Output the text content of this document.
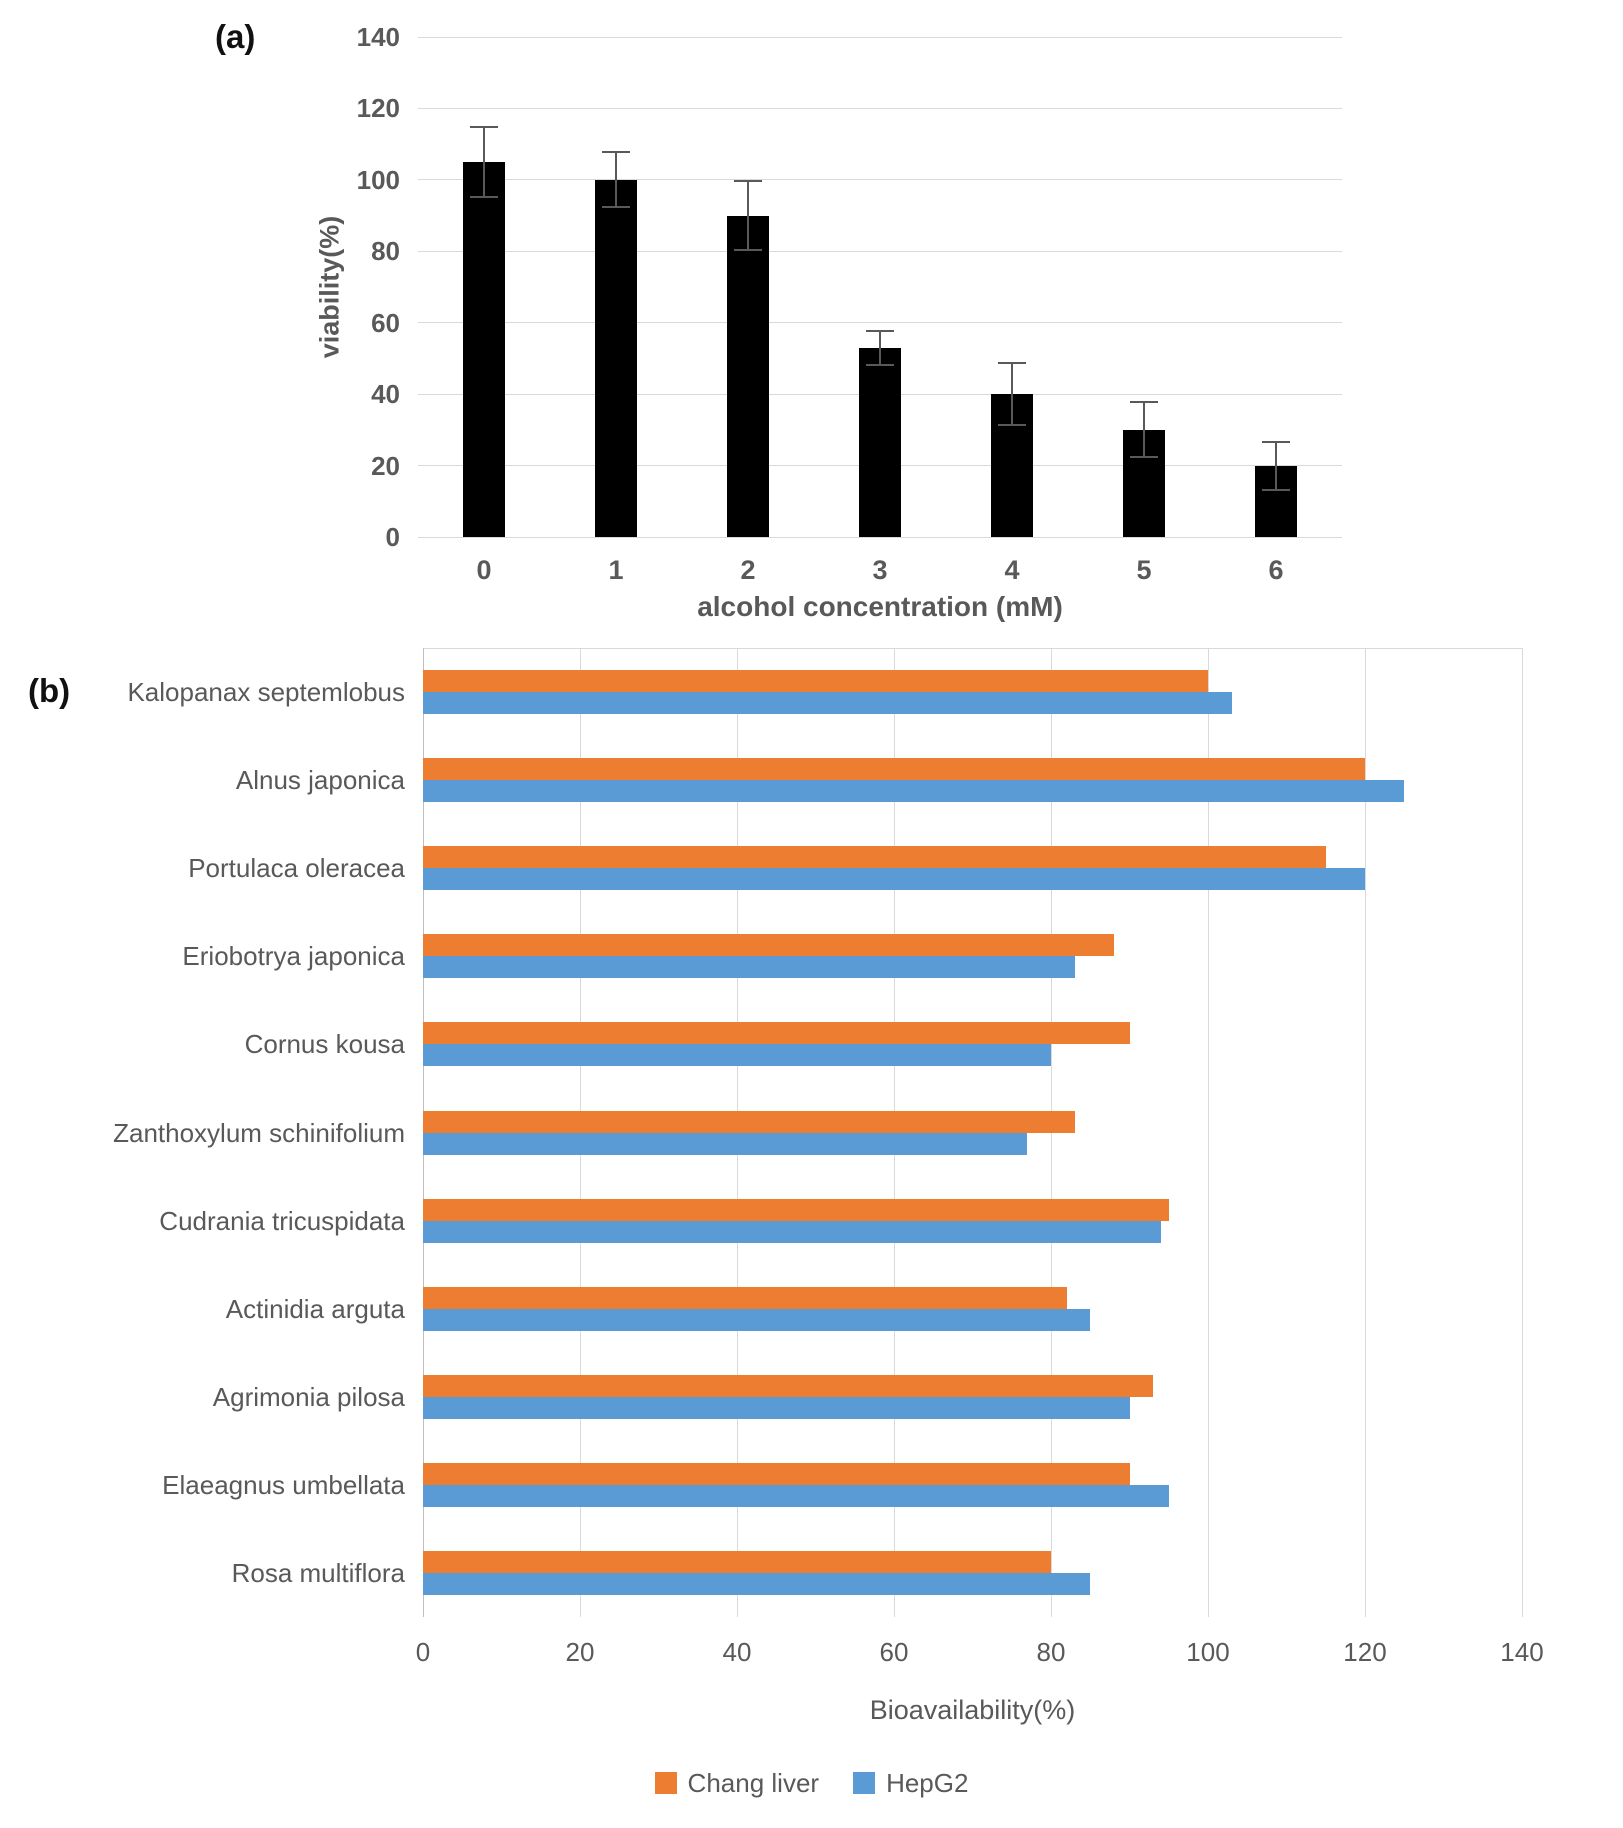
(a)
viability(%)
alcohol concentration (mM)
(b)
Bioavailability(%)
Chang liver	HepG2
0
20
40
60
80
100
120
140
0	1	2	3	4	5	6
0	20	40	60	80	100	120	140
Kalopanax septemlobus
Alnus japonica
Portulaca oleracea
Eriobotrya japonica
Cornus kousa
Zanthoxylum schinifolium
Cudrania tricuspidata
Actinidia arguta
Agrimonia pilosa
Elaeagnus umbellata
Rosa multiflora
